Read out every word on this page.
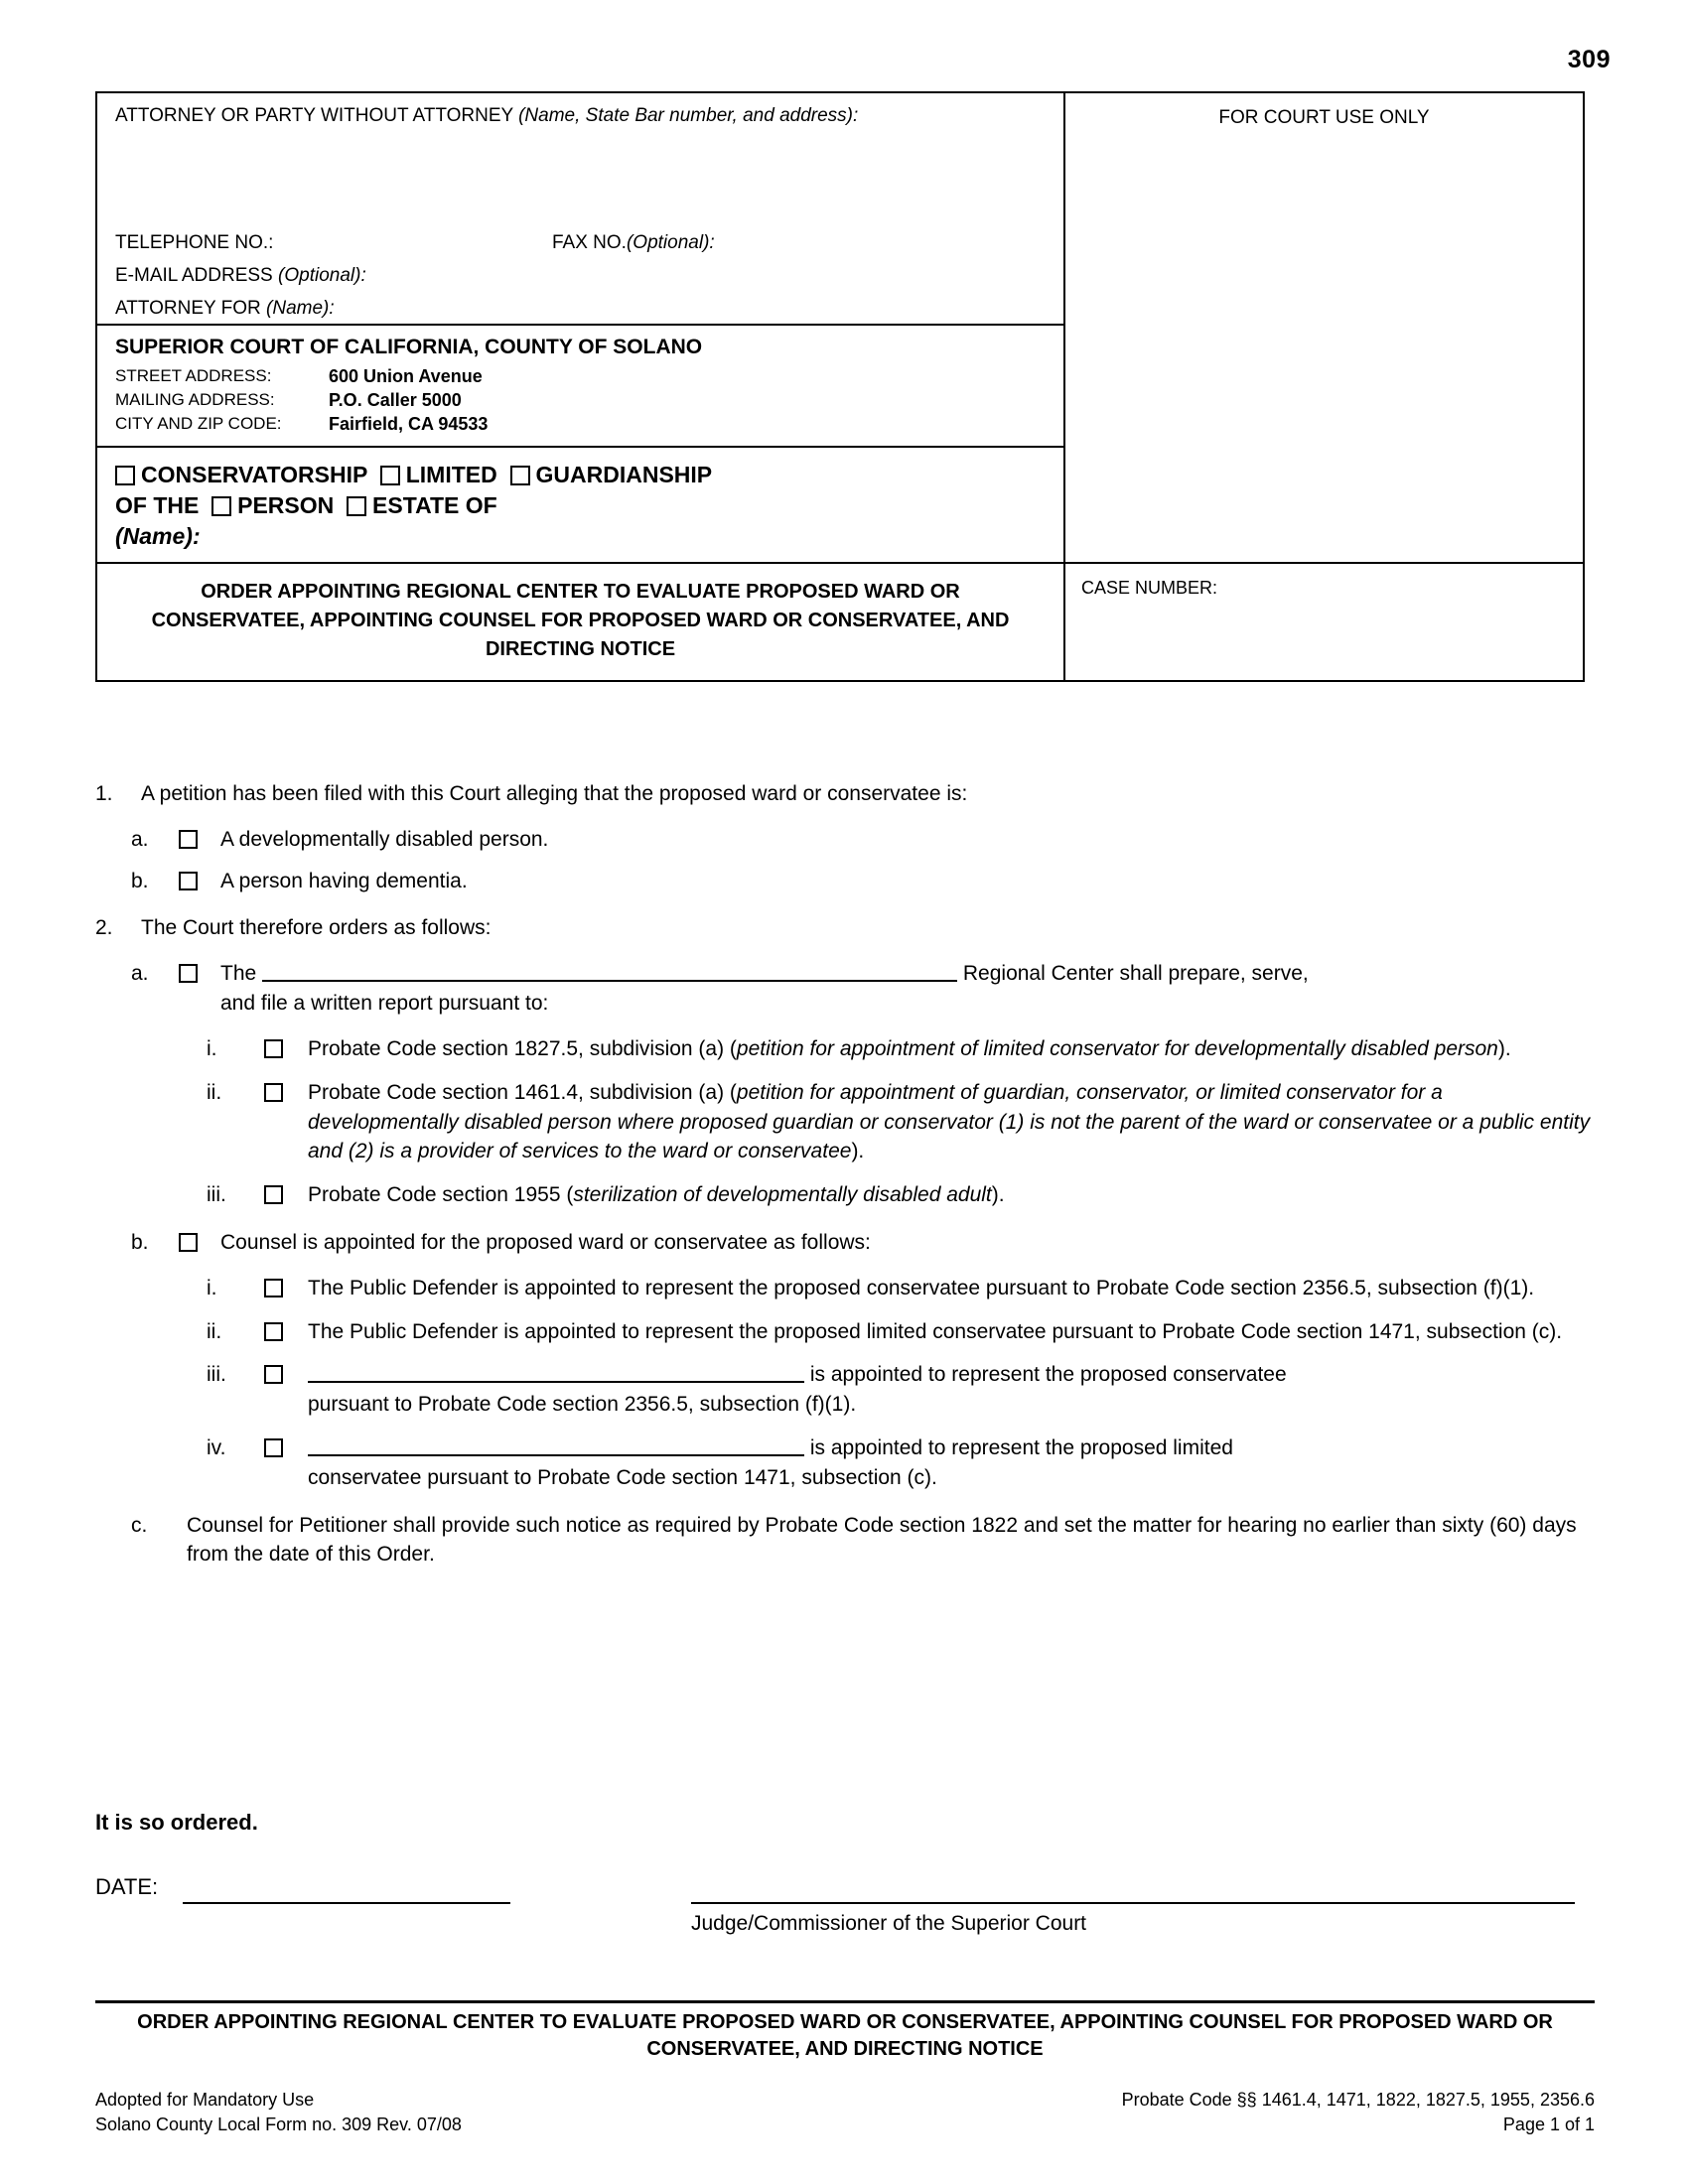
309
ATTORNEY OR PARTY WITHOUT ATTORNEY (Name, State Bar number, and address):
TELEPHONE NO.:	FAX NO. (Optional):
E-MAIL ADDRESS (Optional):
ATTORNEY FOR (Name):
FOR COURT USE ONLY
SUPERIOR COURT OF CALIFORNIA, COUNTY OF SOLANO
STREET ADDRESS:	600 Union Avenue
MAILING ADDRESS:	P.O. Caller 5000
CITY AND ZIP CODE:	Fairfield, CA 94533
CONSERVATORSHIP LIMITED GUARDIANSHIP
OF THE PERSON ESTATE OF
(Name):
ORDER APPOINTING REGIONAL CENTER TO EVALUATE PROPOSED WARD OR CONSERVATEE, APPOINTING COUNSEL FOR PROPOSED WARD OR CONSERVATEE, AND DIRECTING NOTICE
CASE NUMBER:
1.	A petition has been filed with this Court alleging that the proposed ward or conservatee is:
a.	A developmentally disabled person.
b.	A person having dementia.
2.	The Court therefore orders as follows:
a.	The	Regional Center shall prepare, serve,
and file a written report pursuant to:
i.	Probate Code section 1827.5, subdivision (a) (petition for appointment of limited conservator for developmentally disabled person).
ii.	Probate Code section 1461.4, subdivision (a) (petition for appointment of guardian, conservator, or limited conservator for a developmentally disabled person where proposed guardian or conservator (1) is not the parent of the ward or conservatee or a public entity and (2) is a provider of services to the ward or conservatee).
iii.	Probate Code section 1955 (sterilization of developmentally disabled adult).
b.	Counsel is appointed for the proposed ward or conservatee as follows:
i.	The Public Defender is appointed to represent the proposed conservatee pursuant to Probate Code section 2356.5, subsection (f)(1).
ii.	The Public Defender is appointed to represent the proposed limited conservatee pursuant to Probate Code section 1471, subsection (c).
iii.	is appointed to represent the proposed conservatee
pursuant to Probate Code section 2356.5, subsection (f)(1).
iv.	is appointed to represent the proposed limited
conservatee pursuant to Probate Code section 1471, subsection (c).
c.	Counsel for Petitioner shall provide such notice as required by Probate Code section 1822 and set the matter for hearing no earlier than sixty (60) days from the date of this Order.
It is so ordered.
DATE:
Judge/Commissioner of the Superior Court
ORDER APPOINTING REGIONAL CENTER TO EVALUATE PROPOSED WARD OR CONSERVATEE, APPOINTING COUNSEL FOR PROPOSED WARD OR CONSERVATEE, AND DIRECTING NOTICE
Adopted for Mandatory Use	Probate Code §§ 1461.4, 1471, 1822, 1827.5, 1955, 2356.6
Solano County Local Form no. 309 Rev. 07/08	Page 1 of 1
